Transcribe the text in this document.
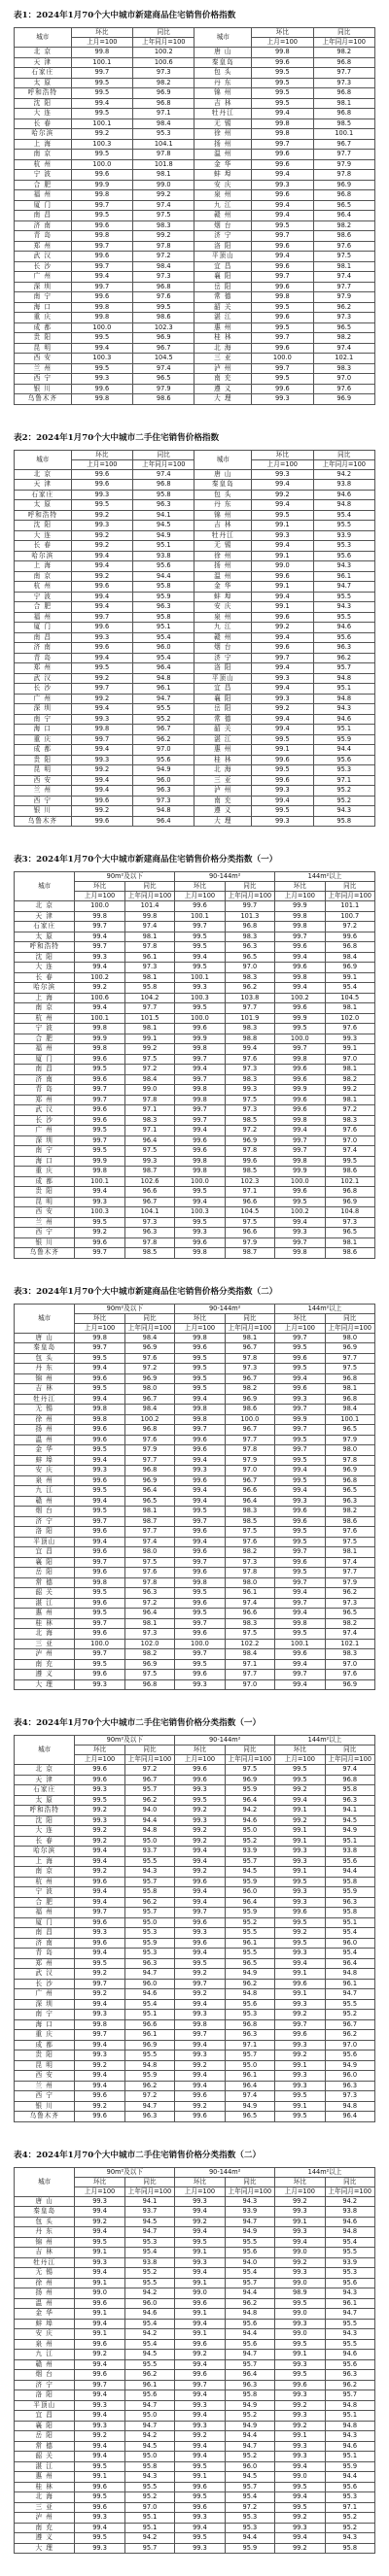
表1：2024年1月70个大中城市新建商品住宅销售价格指数
城市	环比	同比	城市	环比	同比
	上月=100	上年同月=100		上月=100	上年同月=100
北 京	99.8	100.2	唐 山	99.8	98.2
天 津	100.1	100.6	秦皇岛	99.6	96.8
石家庄	99.7	97.3	包 头	99.5	97.7
太 原	99.5	98.2	丹 东	99.5	97.3
呼和浩特	99.5	96.9	锦 州	99.5	96.8
沈 阳	99.4	96.8	吉 林	99.5	98.1
大 连	99.5	97.1	牡丹江	99.4	96.8
长 春	100.1	98.4	无 锡	99.8	98.5
哈尔滨	99.2	95.3	徐 州	99.8	100.1
上 海	100.3	104.1	扬 州	99.7	96.7
南 京	99.5	97.8	温 州	99.6	97.7
杭 州	100.0	101.8	金 华	99.6	97.9
宁 波	99.6	98.1	蚌 埠	99.4	97.8
合 肥	99.9	99.0	安 庆	99.3	96.9
福 州	99.8	99.2	泉 州	99.6	96.8
厦 门	99.7	97.4	九 江	99.4	96.5
南 昌	99.5	97.5	赣 州	99.4	96.4
济 南	99.6	98.3	烟 台	99.5	98.2
青 岛	99.8	99.2	济 宁	99.7	98.6
郑 州	99.7	97.8	洛 阳	99.6	97.6
武 汉	99.6	97.2	平顶山	99.4	97.5
长 沙	99.7	98.4	宜 昌	99.6	98.1
广 州	99.4	97.3	襄 阳	99.7	97.4
深 圳	99.7	96.8	岳 阳	99.6	97.7
南 宁	99.6	97.6	常 德	99.8	97.9
海 口	99.8	99.5	韶 关	99.5	96.2
重 庆	99.8	98.6	湛 江	99.6	97.3
成 都	100.0	102.3	惠 州	99.5	96.5
贵 阳	99.5	96.9	桂 林	99.7	98.2
昆 明	99.4	96.7	北 海	99.6	97.4
西 安	100.3	104.5	三 亚	100.0	102.1
兰 州	99.5	97.4	泸 州	99.7	98.3
西 宁	99.3	96.5	南 充	99.5	97.0
银 川	99.6	97.9	遵 义	99.6	97.6
乌鲁木齐	99.8	98.6	大 理	99.3	96.9
表2：2024年1月70个大中城市二手住宅销售价格指数
城市	环比	同比	城市	环比	同比
	上月=100	上年同月=100		上月=100	上年同月=100
北 京	99.6	97.4	唐 山	99.3	94.2
天 津	99.6	96.8	秦皇岛	99.4	93.8
石家庄	99.3	95.8	包 头	99.2	94.6
太 原	99.5	96.3	丹 东	99.4	94.8
呼和浩特	99.2	94.1	锦 州	99.5	95.4
沈 阳	99.3	94.5	吉 林	99.1	95.5
大 连	99.2	94.9	牡丹江	99.3	93.9
长 春	99.2	95.1	无 锡	99.4	95.3
哈尔滨	99.4	93.8	徐 州	99.1	95.6
上 海	99.4	95.6	扬 州	99.0	94.3
南 京	99.2	94.4	温 州	99.6	96.1
杭 州	99.6	95.8	金 华	99.1	94.7
宁 波	99.4	95.9	蚌 埠	99.4	95.5
合 肥	99.4	96.3	安 庆	99.1	94.3
福 州	99.7	95.8	泉 州	99.6	95.5
厦 门	99.6	95.1	九 江	99.2	94.6
南 昌	99.3	95.4	赣 州	99.4	95.6
济 南	99.6	96.0	烟 台	99.6	96.3
青 岛	99.4	95.4	济 宁	99.7	96.2
郑 州	99.5	96.4	洛 阳	99.4	95.7
武 汉	99.2	94.8	平顶山	99.3	94.8
长 沙	99.7	96.1	宜 昌	99.4	95.1
广 州	99.2	94.7	襄 阳	99.3	94.8
深 圳	99.4	95.5	岳 阳	99.2	94.3
南 宁	99.3	95.2	常 德	99.4	94.6
海 口	99.8	96.7	韶 关	99.4	95.1
重 庆	99.7	96.2	湛 江	99.5	95.9
成 都	99.4	97.0	惠 州	99.1	94.4
贵 阳	99.3	95.6	桂 林	99.6	95.6
昆 明	99.2	94.9	北 海	99.5	95.3
西 安	99.4	96.0	三 亚	99.6	97.1
兰 州	99.4	96.3	泸 州	99.3	95.2
西 宁	99.6	97.3	南 充	99.4	95.2
银 川	99.2	94.8	遵 义	99.5	94.3
乌鲁木齐	99.6	96.4	大 理	99.3	95.8
表3：2024年1月70个大中城市新建商品住宅销售价格分类指数（一）
城市	90m²及以下		90-144m²		144m²以上	
	环比	同比	环比	同比	环比	同比
	上月=100	上年同月=100	上月=100	上年同月=100	上月=100	上年同月=100
北 京	100.0	101.4	99.6	99.7	99.9	101.1
天 津	99.8	99.8	100.1	101.3	99.8	100.7
石家庄	99.7	97.4	99.7	96.8	99.8	97.2
太 原	99.4	98.1	99.5	98.3	99.7	99.6
呼和浩特	99.7	97.8	99.5	96.3	99.6	96.8
沈 阳	99.3	96.1	99.4	96.5	99.4	98.4
大 连	99.4	97.3	99.5	97.0	99.6	96.9
长 春	100.2	98.1	100.1	98.3	99.8	99.1
哈尔滨	99.2	95.8	99.3	96.2	99.4	95.4
上 海	100.6	104.2	100.3	103.8	100.2	104.5
南 京	99.4	97.7	99.5	97.7	99.6	98.1
杭 州	100.1	101.5	100.0	101.9	99.9	102.0
宁 波	99.8	98.1	99.6	98.3	99.5	97.6
合 肥	99.9	99.1	99.9	98.8	100.0	99.3
福 州	99.8	99.2	99.8	99.4	99.7	99.1
厦 门	99.6	97.5	99.7	97.6	99.8	97.0
南 昌	99.5	97.2	99.4	97.3	99.6	98.1
济 南	99.6	98.4	99.7	98.3	99.6	98.2
青 岛	99.7	99.0	99.8	99.3	99.9	99.2
郑 州	99.7	97.8	99.8	97.5	99.6	98.1
武 汉	99.6	97.1	99.7	97.3	99.6	97.2
长 沙	99.6	98.3	99.7	98.5	99.8	98.3
广 州	99.5	97.1	99.4	97.2	99.4	97.6
深 圳	99.7	96.4	99.6	96.9	99.7	97.0
南 宁	99.5	97.5	99.6	97.8	99.7	97.4
海 口	99.9	99.3	99.8	99.6	99.8	99.5
重 庆	99.8	98.7	99.8	98.5	99.9	98.6
成 都	100.1	102.6	100.0	102.3	100.0	102.1
贵 阳	99.4	96.6	99.5	97.1	99.6	96.8
昆 明	99.3	96.7	99.4	96.6	99.5	96.9
西 安	100.3	104.1	100.3	104.5	100.2	104.8
兰 州	99.5	97.3	99.5	97.5	99.4	97.3
西 宁	99.2	96.3	99.3	96.6	99.3	96.5
银 川	99.6	97.8	99.6	97.9	99.7	98.1
乌鲁木齐	99.7	98.5	99.8	98.7	99.8	98.6
表3：2024年1月70个大中城市新建商品住宅销售价格分类指数（二）
城市	90m²及以下		90-144m²		144m²以上	
	环比	同比	环比	同比	环比	同比
	上月=100	上年同月=100	上月=100	上年同月=100	上月=100	上年同月=100
唐 山	99.8	98.4	99.8	98.1	99.7	98.0
秦皇岛	99.7	96.9	99.6	96.7	99.5	96.9
包 头	99.5	97.6	99.5	97.8	99.6	97.7
丹 东	99.4	97.2	99.5	97.3	99.5	97.5
锦 州	99.6	96.9	99.5	96.7	99.4	96.8
吉 林	99.5	98.0	99.5	98.2	99.6	98.1
牡丹江	99.4	96.7	99.4	96.9	99.3	96.8
无 锡	99.8	98.4	99.8	98.6	99.7	98.4
徐 州	99.8	100.2	99.8	100.0	99.9	100.1
扬 州	99.6	96.8	99.7	96.7	99.7	96.5
温 州	99.6	97.6	99.6	97.7	99.5	97.9
金 华	99.5	97.9	99.6	97.8	99.7	98.0
蚌 埠	99.4	97.7	99.4	97.9	99.5	97.8
安 庆	99.3	96.8	99.3	97.0	99.4	96.9
泉 州	99.6	96.9	99.6	96.7	99.5	96.8
九 江	99.5	96.4	99.4	96.6	99.4	96.5
赣 州	99.4	96.5	99.4	96.4	99.3	96.3
烟 台	99.5	98.1	99.5	98.3	99.6	98.2
济 宁	99.7	98.7	99.7	98.5	99.6	98.6
洛 阳	99.6	97.7	99.6	97.5	99.5	97.6
平顶山	99.4	97.4	99.4	97.6	99.5	97.5
宜 昌	99.6	98.0	99.6	98.2	99.7	98.1
襄 阳	99.7	97.5	99.7	97.3	99.6	97.4
岳 阳	99.6	97.6	99.6	97.8	99.5	97.7
常 德	99.8	97.8	99.8	98.0	99.7	97.9
韶 关	99.5	96.3	99.5	96.1	99.4	96.2
湛 江	99.6	97.2	99.6	97.4	99.7	97.3
惠 州	99.5	96.4	99.5	96.6	99.4	96.5
桂 林	99.7	98.1	99.7	98.3	99.8	98.2
北 海	99.6	97.3	99.6	97.5	99.5	97.4
三 亚	100.0	102.0	100.0	102.2	100.1	102.1
泸 州	99.7	98.2	99.7	98.4	99.6	98.3
南 充	99.5	96.9	99.5	97.1	99.4	97.0
遵 义	99.6	97.5	99.6	97.7	99.7	97.6
大 理	99.3	96.8	99.3	97.0	99.4	96.9
表4：2024年1月70个大中城市二手住宅销售价格分类指数（一）
城市	90m²及以下		90-144m²		144m²以上	
	环比	同比	环比	同比	环比	同比
	上月=100	上年同月=100	上月=100	上年同月=100	上月=100	上年同月=100
北 京	99.6	97.2	99.6	97.5	99.5	97.4
天 津	99.6	96.7	99.6	96.9	99.5	96.8
石家庄	99.3	95.7	99.3	95.9	99.2	95.8
太 原	99.5	96.2	99.5	96.4	99.4	96.3
呼和浩特	99.2	94.0	99.2	94.2	99.1	94.1
沈 阳	99.3	94.4	99.3	94.6	99.2	94.5
大 连	99.2	94.8	99.2	95.0	99.1	94.9
长 春	99.2	95.0	99.2	95.2	99.1	95.1
哈尔滨	99.4	93.7	99.4	93.9	99.3	93.8
上 海	99.4	95.5	99.4	95.7	99.3	95.6
南 京	99.2	94.3	99.2	94.5	99.1	94.4
杭 州	99.6	95.7	99.6	95.9	99.5	95.8
宁 波	99.4	95.8	99.4	96.0	99.3	95.9
合 肥	99.4	96.2	99.4	96.4	99.3	96.3
福 州	99.7	95.7	99.7	95.9	99.6	95.8
厦 门	99.6	95.0	99.6	95.2	99.5	95.1
南 昌	99.3	95.3	99.3	95.5	99.2	95.4
济 南	99.6	95.9	99.6	96.1	99.5	96.0
青 岛	99.4	95.3	99.4	95.5	99.3	95.4
郑 州	99.5	96.3	99.5	96.5	99.4	96.4
武 汉	99.2	94.7	99.2	94.9	99.1	94.8
长 沙	99.7	96.0	99.7	96.2	99.6	96.1
广 州	99.2	94.6	99.2	94.8	99.1	94.7
深 圳	99.4	95.4	99.4	95.6	99.3	95.5
南 宁	99.3	95.1	99.3	95.3	99.2	95.2
海 口	99.8	96.6	99.8	96.8	99.7	96.7
重 庆	99.7	96.1	99.7	96.3	99.6	96.2
成 都	99.4	96.9	99.4	97.1	99.3	97.0
贵 阳	99.3	95.5	99.3	95.7	99.2	95.6
昆 明	99.2	94.8	99.2	95.0	99.1	94.9
西 安	99.4	95.9	99.4	96.1	99.3	96.0
兰 州	99.4	96.2	99.4	96.4	99.3	96.3
西 宁	99.6	97.2	99.6	97.4	99.5	97.3
银 川	99.2	94.7	99.2	94.9	99.1	94.8
乌鲁木齐	99.6	96.3	99.6	96.5	99.5	96.4
表4：2024年1月70个大中城市二手住宅销售价格分类指数（二）
城市	90m²及以下		90-144m²		144m²以上	
	环比	同比	环比	同比	环比	同比
	上月=100	上年同月=100	上月=100	上年同月=100	上月=100	上年同月=100
唐 山	99.3	94.1	99.3	94.3	99.2	94.2
秦皇岛	99.4	93.7	99.4	93.9	99.3	93.8
包 头	99.2	94.5	99.2	94.7	99.1	94.6
丹 东	99.4	94.7	99.4	94.9	99.3	94.8
锦 州	99.5	95.3	99.5	95.5	99.4	95.4
吉 林	99.1	95.4	99.1	95.6	99.0	95.5
牡丹江	99.3	93.8	99.3	94.0	99.2	93.9
无 锡	99.4	95.2	99.4	95.4	99.3	95.3
徐 州	99.1	95.5	99.1	95.7	99.0	95.6
扬 州	99.0	94.2	99.0	94.4	98.9	94.3
温 州	99.6	96.0	99.6	96.2	99.5	96.1
金 华	99.1	94.6	99.1	94.8	99.0	94.7
蚌 埠	99.4	95.4	99.4	95.6	99.3	95.5
安 庆	99.1	94.2	99.1	94.4	99.0	94.3
泉 州	99.6	95.4	99.6	95.6	99.5	95.5
九 江	99.2	94.5	99.2	94.7	99.1	94.6
赣 州	99.4	95.5	99.4	95.7	99.3	95.6
烟 台	99.6	96.2	99.6	96.4	99.5	96.3
济 宁	99.7	96.1	99.7	96.3	99.6	96.2
洛 阳	99.4	95.6	99.4	95.8	99.3	95.7
平顶山	99.3	94.7	99.3	94.9	99.2	94.8
宜 昌	99.4	95.0	99.4	95.2	99.3	95.1
襄 阳	99.3	94.7	99.3	94.9	99.2	94.8
岳 阳	99.2	94.2	99.2	94.4	99.1	94.3
常 德	99.4	94.5	99.4	94.7	99.3	94.6
韶 关	99.4	95.0	99.4	95.2	99.3	95.1
湛 江	99.5	95.8	99.5	96.0	99.4	95.9
惠 州	99.1	94.3	99.1	94.5	99.0	94.4
桂 林	99.6	95.5	99.6	95.7	99.5	95.6
北 海	99.5	95.2	99.5	95.4	99.4	95.3
三 亚	99.6	97.0	99.6	97.2	99.5	97.1
泸 州	99.3	95.1	99.3	95.3	99.2	95.2
南 充	99.4	95.1	99.4	95.3	99.3	95.2
遵 义	99.5	94.2	99.5	94.4	99.4	94.3
大 理	99.3	95.7	99.3	95.9	99.2	95.8
